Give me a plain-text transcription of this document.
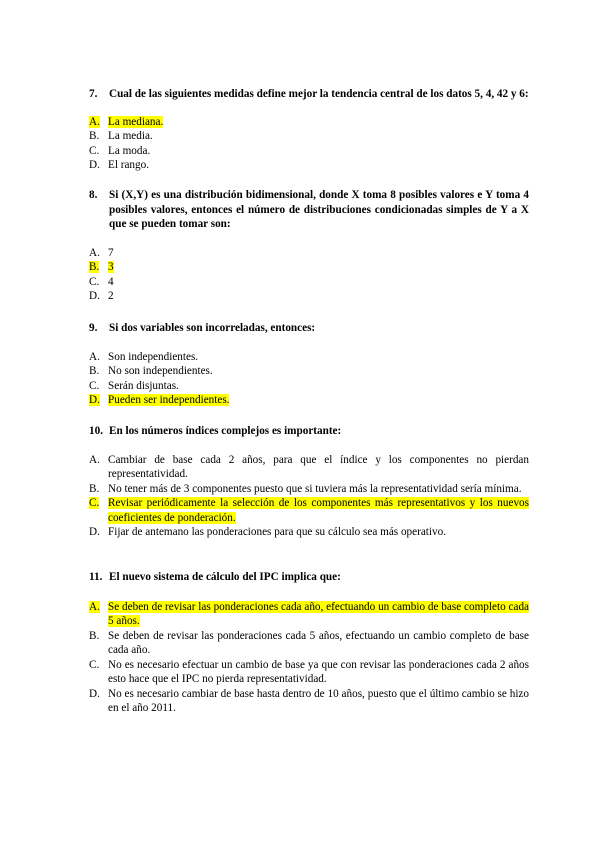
7.	Cual de las siguientes medidas define mejor la tendencia central de los datos 5, 4, 42 y 6:

A. La mediana.
B. La media.
C. La moda.
D. El rango.

8.	Si (X,Y) es una distribución bidimensional, donde X toma 8 posibles valores e Y toma 4 posibles valores, entonces el número de distribuciones condicionadas simples de Y a X que se pueden tomar son:

A. 7
B. 3
C. 4
D. 2

9.	Si dos variables son incorreladas, entonces:

A. Son independientes.
B. No son independientes.
C. Serán disjuntas.
D. Pueden ser independientes.

10. En los números índices complejos es importante:

A. Cambiar de base cada 2 años, para que el índice y los componentes no pierdan representatividad.
B. No tener más de 3 componentes puesto que si tuviera más la representatividad sería mínima.
C. Revisar periódicamente la selección de los componentes más representativos y los nuevos coeficientes de ponderación.
D. Fijar de antemano las ponderaciones para que su cálculo sea más operativo.

11. El nuevo sistema de cálculo del IPC implica que:

A. Se deben de revisar las ponderaciones cada año, efectuando un cambio de base completo cada 5 años.
B. Se deben de revisar las ponderaciones cada 5 años, efectuando un cambio completo de base cada año.
C. No es necesario efectuar un cambio de base ya que con revisar las ponderaciones cada 2 años esto hace que el IPC no pierda representatividad.
D. No es necesario cambiar de base hasta dentro de 10 años, puesto que el último cambio se hizo en el año 2011.
